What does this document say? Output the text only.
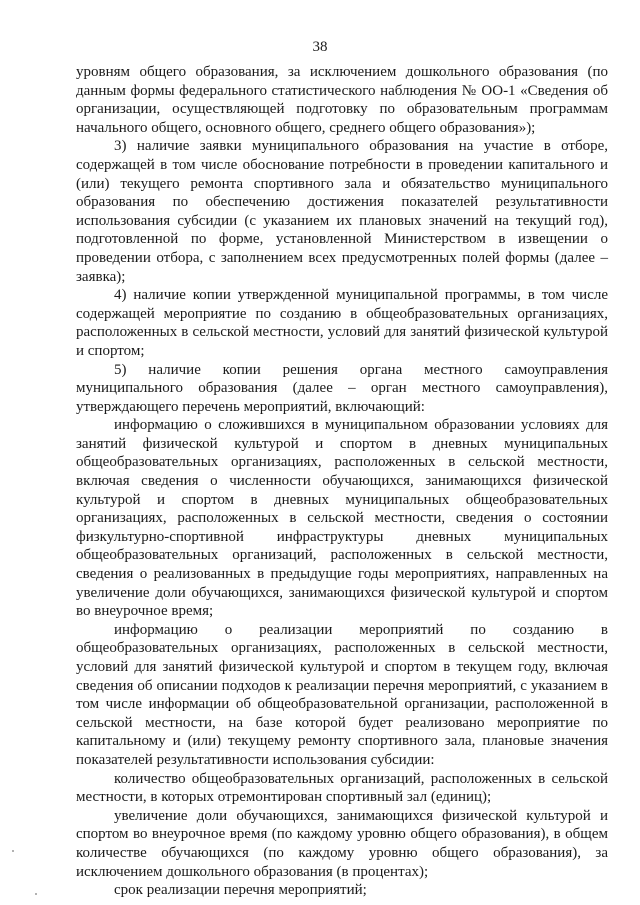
38

уровням общего образования, за исключением дошкольного образования (по данным формы федерального статистического наблюдения № ОО-1 «Сведения об организации, осуществляющей подготовку по образовательным программам начального общего, основного общего, среднего общего образования»);

3) наличие заявки муниципального образования на участие в отборе, содержащей в том числе обоснование потребности в проведении капитального и (или) текущего ремонта спортивного зала и обязательство муниципального образования по обеспечению достижения показателей результативности использования субсидии (с указанием их плановых значений на текущий год), подготовленной по форме, установленной Министерством в извещении о проведении отбора, с заполнением всех предусмотренных полей формы (далее – заявка);

4) наличие копии утвержденной муниципальной программы, в том числе содержащей мероприятие по созданию в общеобразовательных организациях, расположенных в сельской местности, условий для занятий физической культурой и спортом;

5) наличие копии решения органа местного самоуправления муниципального образования (далее – орган местного самоуправления), утверждающего перечень мероприятий, включающий:

информацию о сложившихся в муниципальном образовании условиях для занятий физической культурой и спортом в дневных муниципальных общеобразовательных организациях, расположенных в сельской местности, включая сведения о численности обучающихся, занимающихся физической культурой и спортом в дневных муниципальных общеобразовательных организациях, расположенных в сельской местности, сведения о состоянии физкультурно-спортивной инфраструктуры дневных муниципальных общеобразовательных организаций, расположенных в сельской местности, сведения о реализованных в предыдущие годы мероприятиях, направленных на увеличение доли обучающихся, занимающихся физической культурой и спортом во внеурочное время;

информацию о реализации мероприятий по созданию в общеобразовательных организациях, расположенных в сельской местности, условий для занятий физической культурой и спортом в текущем году, включая сведения об описании подходов к реализации перечня мероприятий, с указанием в том числе информации об общеобразовательной организации, расположенной в сельской местности, на базе которой будет реализовано мероприятие по капитальному и (или) текущему ремонту спортивного зала, плановые значения показателей результативности использования субсидии:

количество общеобразовательных организаций, расположенных в сельской местности, в которых отремонтирован спортивный зал (единиц);

увеличение доли обучающихся, занимающихся физической культурой и спортом во внеурочное время (по каждому уровню общего образования), в общем количестве обучающихся (по каждому уровню общего образования), за исключением дошкольного образования (в процентах);

срок реализации перечня мероприятий;
